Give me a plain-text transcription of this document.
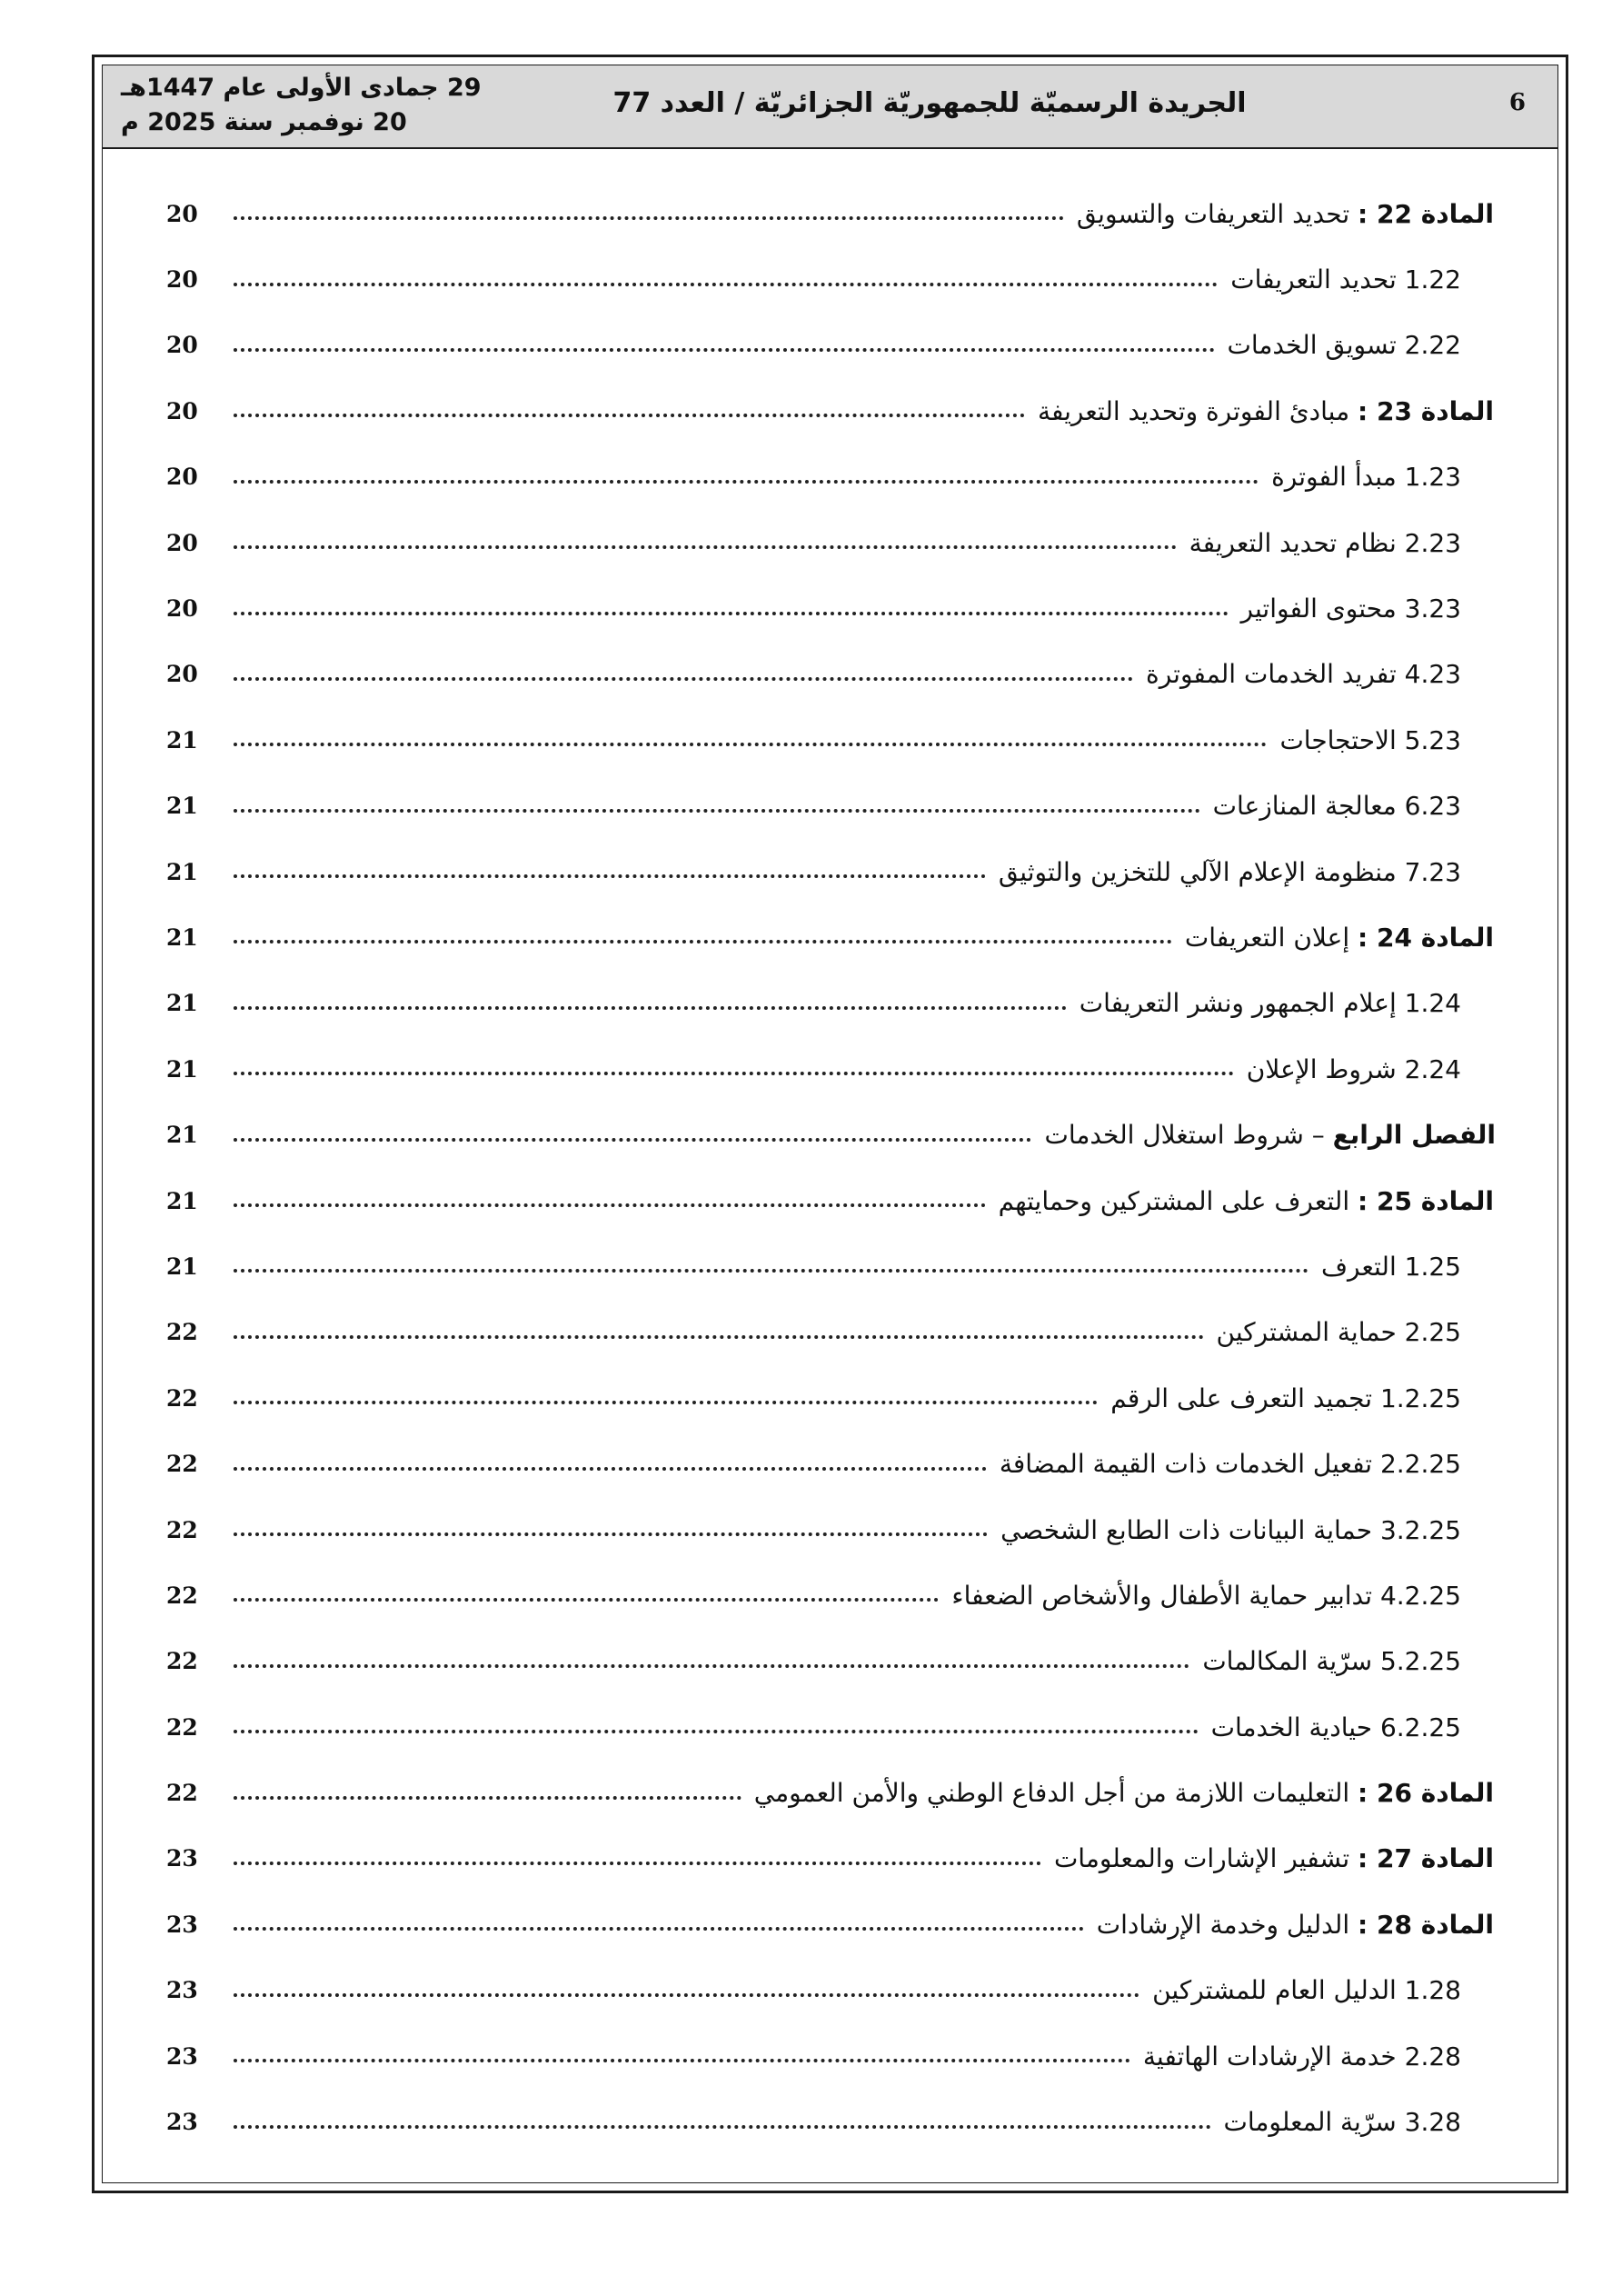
6
الجريدة الرسميّة للجمهوريّة الجزائريّة / العدد 77
29 جمادى الأولى عام 1447هـ
20 نوفمبر سنة 2025 م
20	المادة 22 : تحديد التعريفات والتسويق
20	1.22 تحديد التعريفات
20	2.22 تسويق الخدمات
20	المادة 23 : مبادئ الفوترة وتحديد التعريفة
20	1.23 مبدأ الفوترة
20	2.23 نظام تحديد التعريفة
20	3.23 محتوى الفواتير
20	4.23 تفريد الخدمات المفوترة
21	5.23 الاحتجاجات
21	6.23 معالجة المنازعات
21	7.23 منظومة الإعلام الآلي للتخزين والتوثيق
21	المادة 24 : إعلان التعريفات
21	1.24 إعلام الجمهور ونشر التعريفات
21	2.24 شروط الإعلان
21	الفصل الرابع – شروط استغلال الخدمات
21	المادة 25 : التعرف على المشتركين وحمايتهم
21	1.25 التعرف
22	2.25 حماية المشتركين
22	1.2.25 تجميد التعرف على الرقم
22	2.2.25 تفعيل الخدمات ذات القيمة المضافة
22	3.2.25 حماية البيانات ذات الطابع الشخصي
22	4.2.25 تدابير حماية الأطفال والأشخاص الضعفاء
22	5.2.25 سرّية المكالمات
22	6.2.25 حيادية الخدمات
22	المادة 26 : التعليمات اللازمة من أجل الدفاع الوطني والأمن العمومي
23	المادة 27 : تشفير الإشارات والمعلومات
23	المادة 28 : الدليل وخدمة الإرشادات
23	1.28 الدليل العام للمشتركين
23	2.28 خدمة الإرشادات الهاتفية
23	3.28 سرّية المعلومات
